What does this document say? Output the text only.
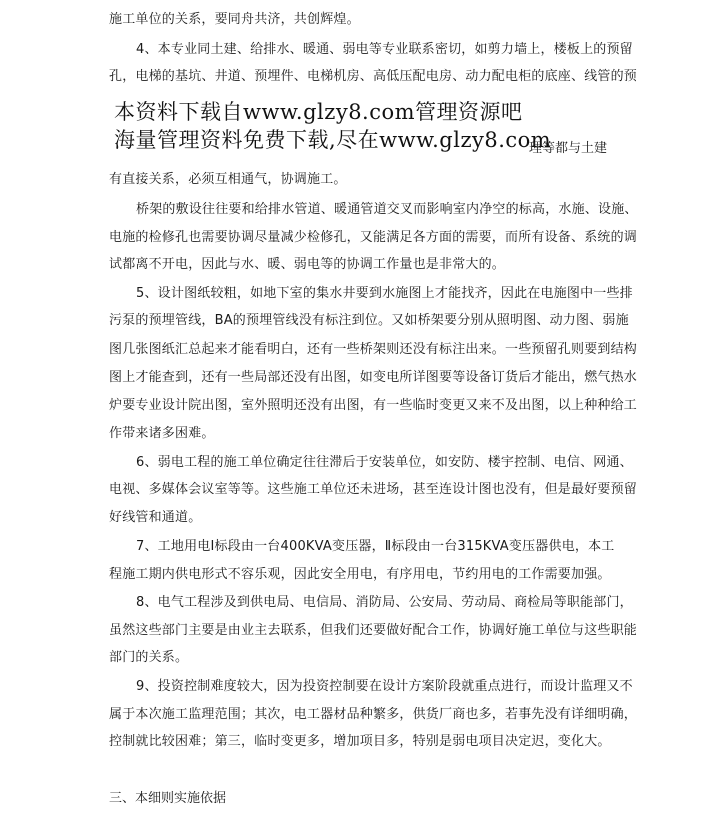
施工单位的关系，要同舟共济，共创辉煌。
4、本专业同土建、给排水、暖通、弱电等专业联系密切，如剪力墙上，楼板上的预留
孔，电梯的基坑、井道、预埋件、电梯机房、高低压配电房、动力配电柜的底座、线管的预
本资料下载自www.glzy8.com管理资源吧
海量管理资料免费下载,尽在www.glzy8.com
理等都与土建
有直接关系，必须互相通气，协调施工。
桥架的敷设往往要和给排水管道、暖通管道交叉而影响室内净空的标高，水施、设施、
电施的检修孔也需要协调尽量减少检修孔，又能满足各方面的需要，而所有设备、系统的调
试都离不开电，因此与水、暖、弱电等的协调工作量也是非常大的。
5、设计图纸较粗，如地下室的集水井要到水施图上才能找齐，因此在电施图中一些排
污泵的预埋管线，BA的预埋管线没有标注到位。又如桥架要分别从照明图、动力图、弱施
图几张图纸汇总起来才能看明白，还有一些桥架则还没有标注出来。一些预留孔则要到结构
图上才能查到，还有一些局部还没有出图，如变电所详图要等设备订货后才能出，燃气热水
炉要专业设计院出图，室外照明还没有出图，有一些临时变更又来不及出图，以上种种给工
作带来诸多困难。
6、弱电工程的施工单位确定往往滞后于安装单位，如安防、楼宇控制、电信、网通、
电视、多媒体会议室等等。这些施工单位还未进场，甚至连设计图也没有，但是最好要预留
好线管和通道。
7、工地用电Ⅰ标段由一台400KVA变压器，Ⅱ标段由一台315KVA变压器供电，本工
程施工期内供电形式不容乐观，因此安全用电，有序用电，节约用电的工作需要加强。
8、电气工程涉及到供电局、电信局、消防局、公安局、劳动局、商检局等职能部门，
虽然这些部门主要是由业主去联系，但我们还要做好配合工作，协调好施工单位与这些职能
部门的关系。
9、投资控制难度较大，因为投资控制要在设计方案阶段就重点进行，而设计监理又不
属于本次施工监理范围；其次，电工器材品种繁多，供货厂商也多，若事先没有详细明确，
控制就比较困难；第三，临时变更多，增加项目多，特别是弱电项目决定迟，变化大。
三、本细则实施依据
